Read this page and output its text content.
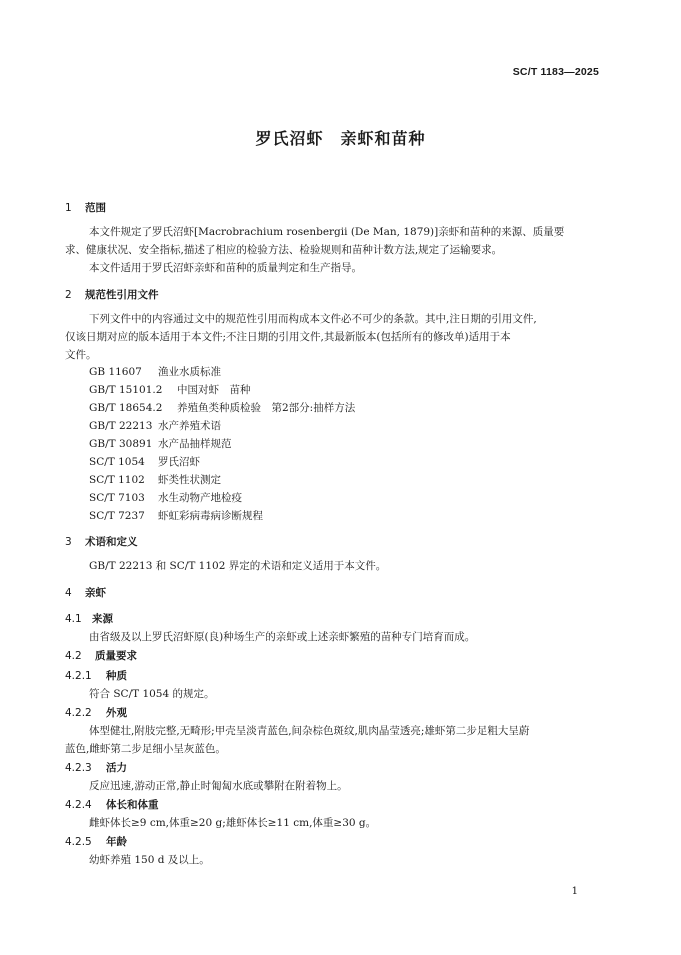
SC/T 1183—2025
罗氏沼虾　亲虾和苗种
1 范围
本文件规定了罗氏沼虾[Macrobrachium rosenbergii (De Man, 1879)]亲虾和苗种的来源、质量要
求、健康状况、安全指标,描述了相应的检验方法、检验规则和苗种计数方法,规定了运输要求。
本文件适用于罗氏沼虾亲虾和苗种的质量判定和生产指导。
2 规范性引用文件
下列文件中的内容通过文中的规范性引用而构成本文件必不可少的条款。其中,注日期的引用文件,
仅该日期对应的版本适用于本文件;不注日期的引用文件,其最新版本(包括所有的修改单)适用于本
文件。
GB 11607 渔业水质标准
GB/T 15101.2 中国对虾　苗种
GB/T 18654.2 养殖鱼类种质检验　第2部分:抽样方法
GB/T 22213 水产养殖术语
GB/T 30891 水产品抽样规范
SC/T 1054 罗氏沼虾
SC/T 1102 虾类性状测定
SC/T 7103 水生动物产地检疫
SC/T 7237 虾虹彩病毒病诊断规程
3 术语和定义
GB/T 22213 和 SC/T 1102 界定的术语和定义适用于本文件。
4 亲虾
4.1 来源
由省级及以上罗氏沼虾原(良)种场生产的亲虾或上述亲虾繁殖的苗种专门培育而成。
4.2 质量要求
4.2.1 种质
符合 SC/T 1054 的规定。
4.2.2 外观
体型健壮,附肢完整,无畸形;甲壳呈淡青蓝色,间杂棕色斑纹,肌肉晶莹透亮;雄虾第二步足粗大呈蔚
蓝色,雌虾第二步足细小呈灰蓝色。
4.2.3 活力
反应迅速,游动正常,静止时匍匐水底或攀附在附着物上。
4.2.4 体长和体重
雌虾体长≥9 cm,体重≥20 g;雄虾体长≥11 cm,体重≥30 g。
4.2.5 年龄
幼虾养殖 150 d 及以上。
1
